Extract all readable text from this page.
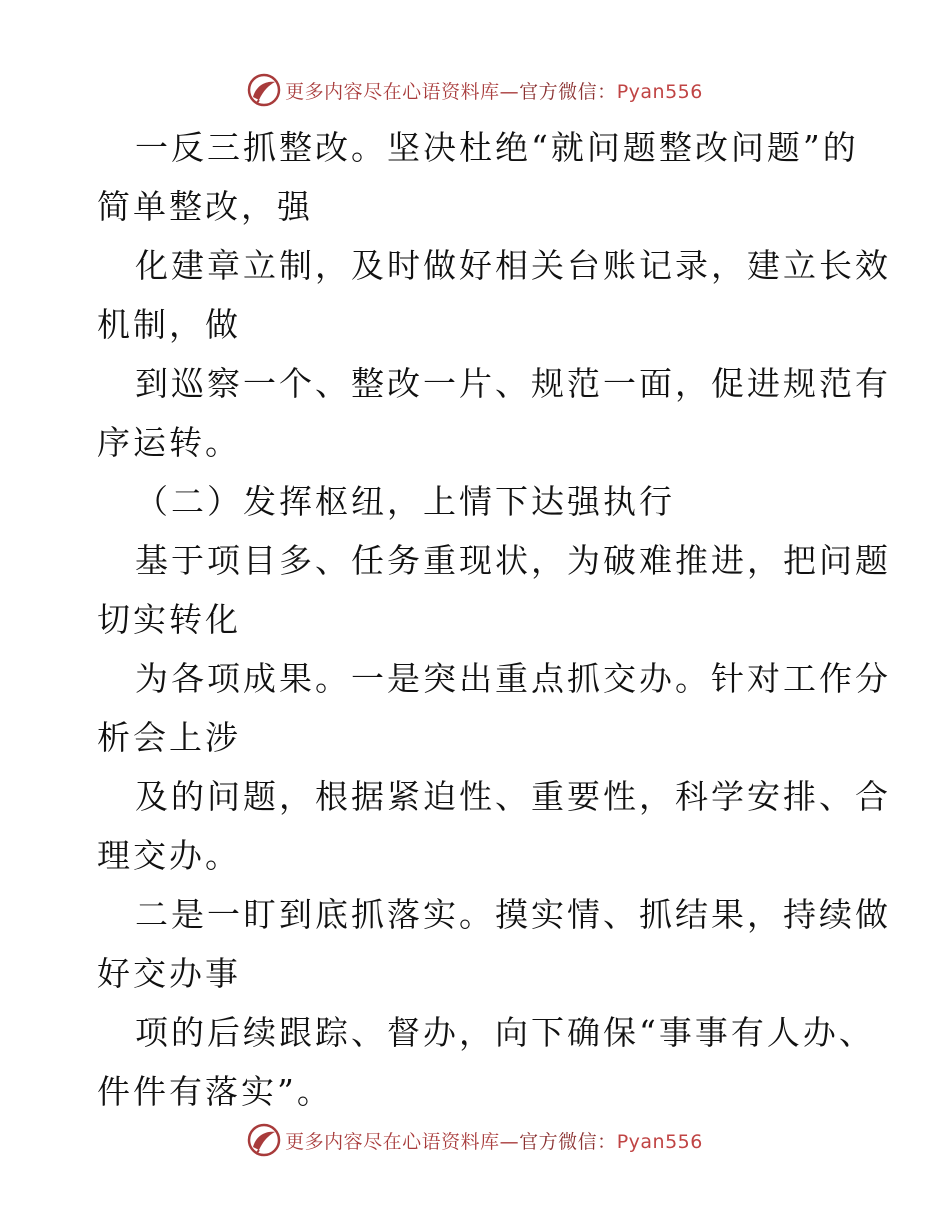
更多内容尽在心语资料库—官方微信：Pyan556
一反三抓整改。坚决杜绝“就问题整改问题”的
简单整改，强
化建章立制，及时做好相关台账记录，建立长效
机制，做
到巡察一个、整改一片、规范一面，促进规范有
序运转。
（二）发挥枢纽，上情下达强执行
基于项目多、任务重现状，为破难推进，把问题
切实转化
为各项成果。一是突出重点抓交办。针对工作分
析会上涉
及的问题，根据紧迫性、重要性，科学安排、合
理交办。
二是一盯到底抓落实。摸实情、抓结果，持续做
好交办事
项的后续跟踪、督办，向下确保“事事有人办、
件件有落实”。
更多内容尽在心语资料库—官方微信：Pyan556
